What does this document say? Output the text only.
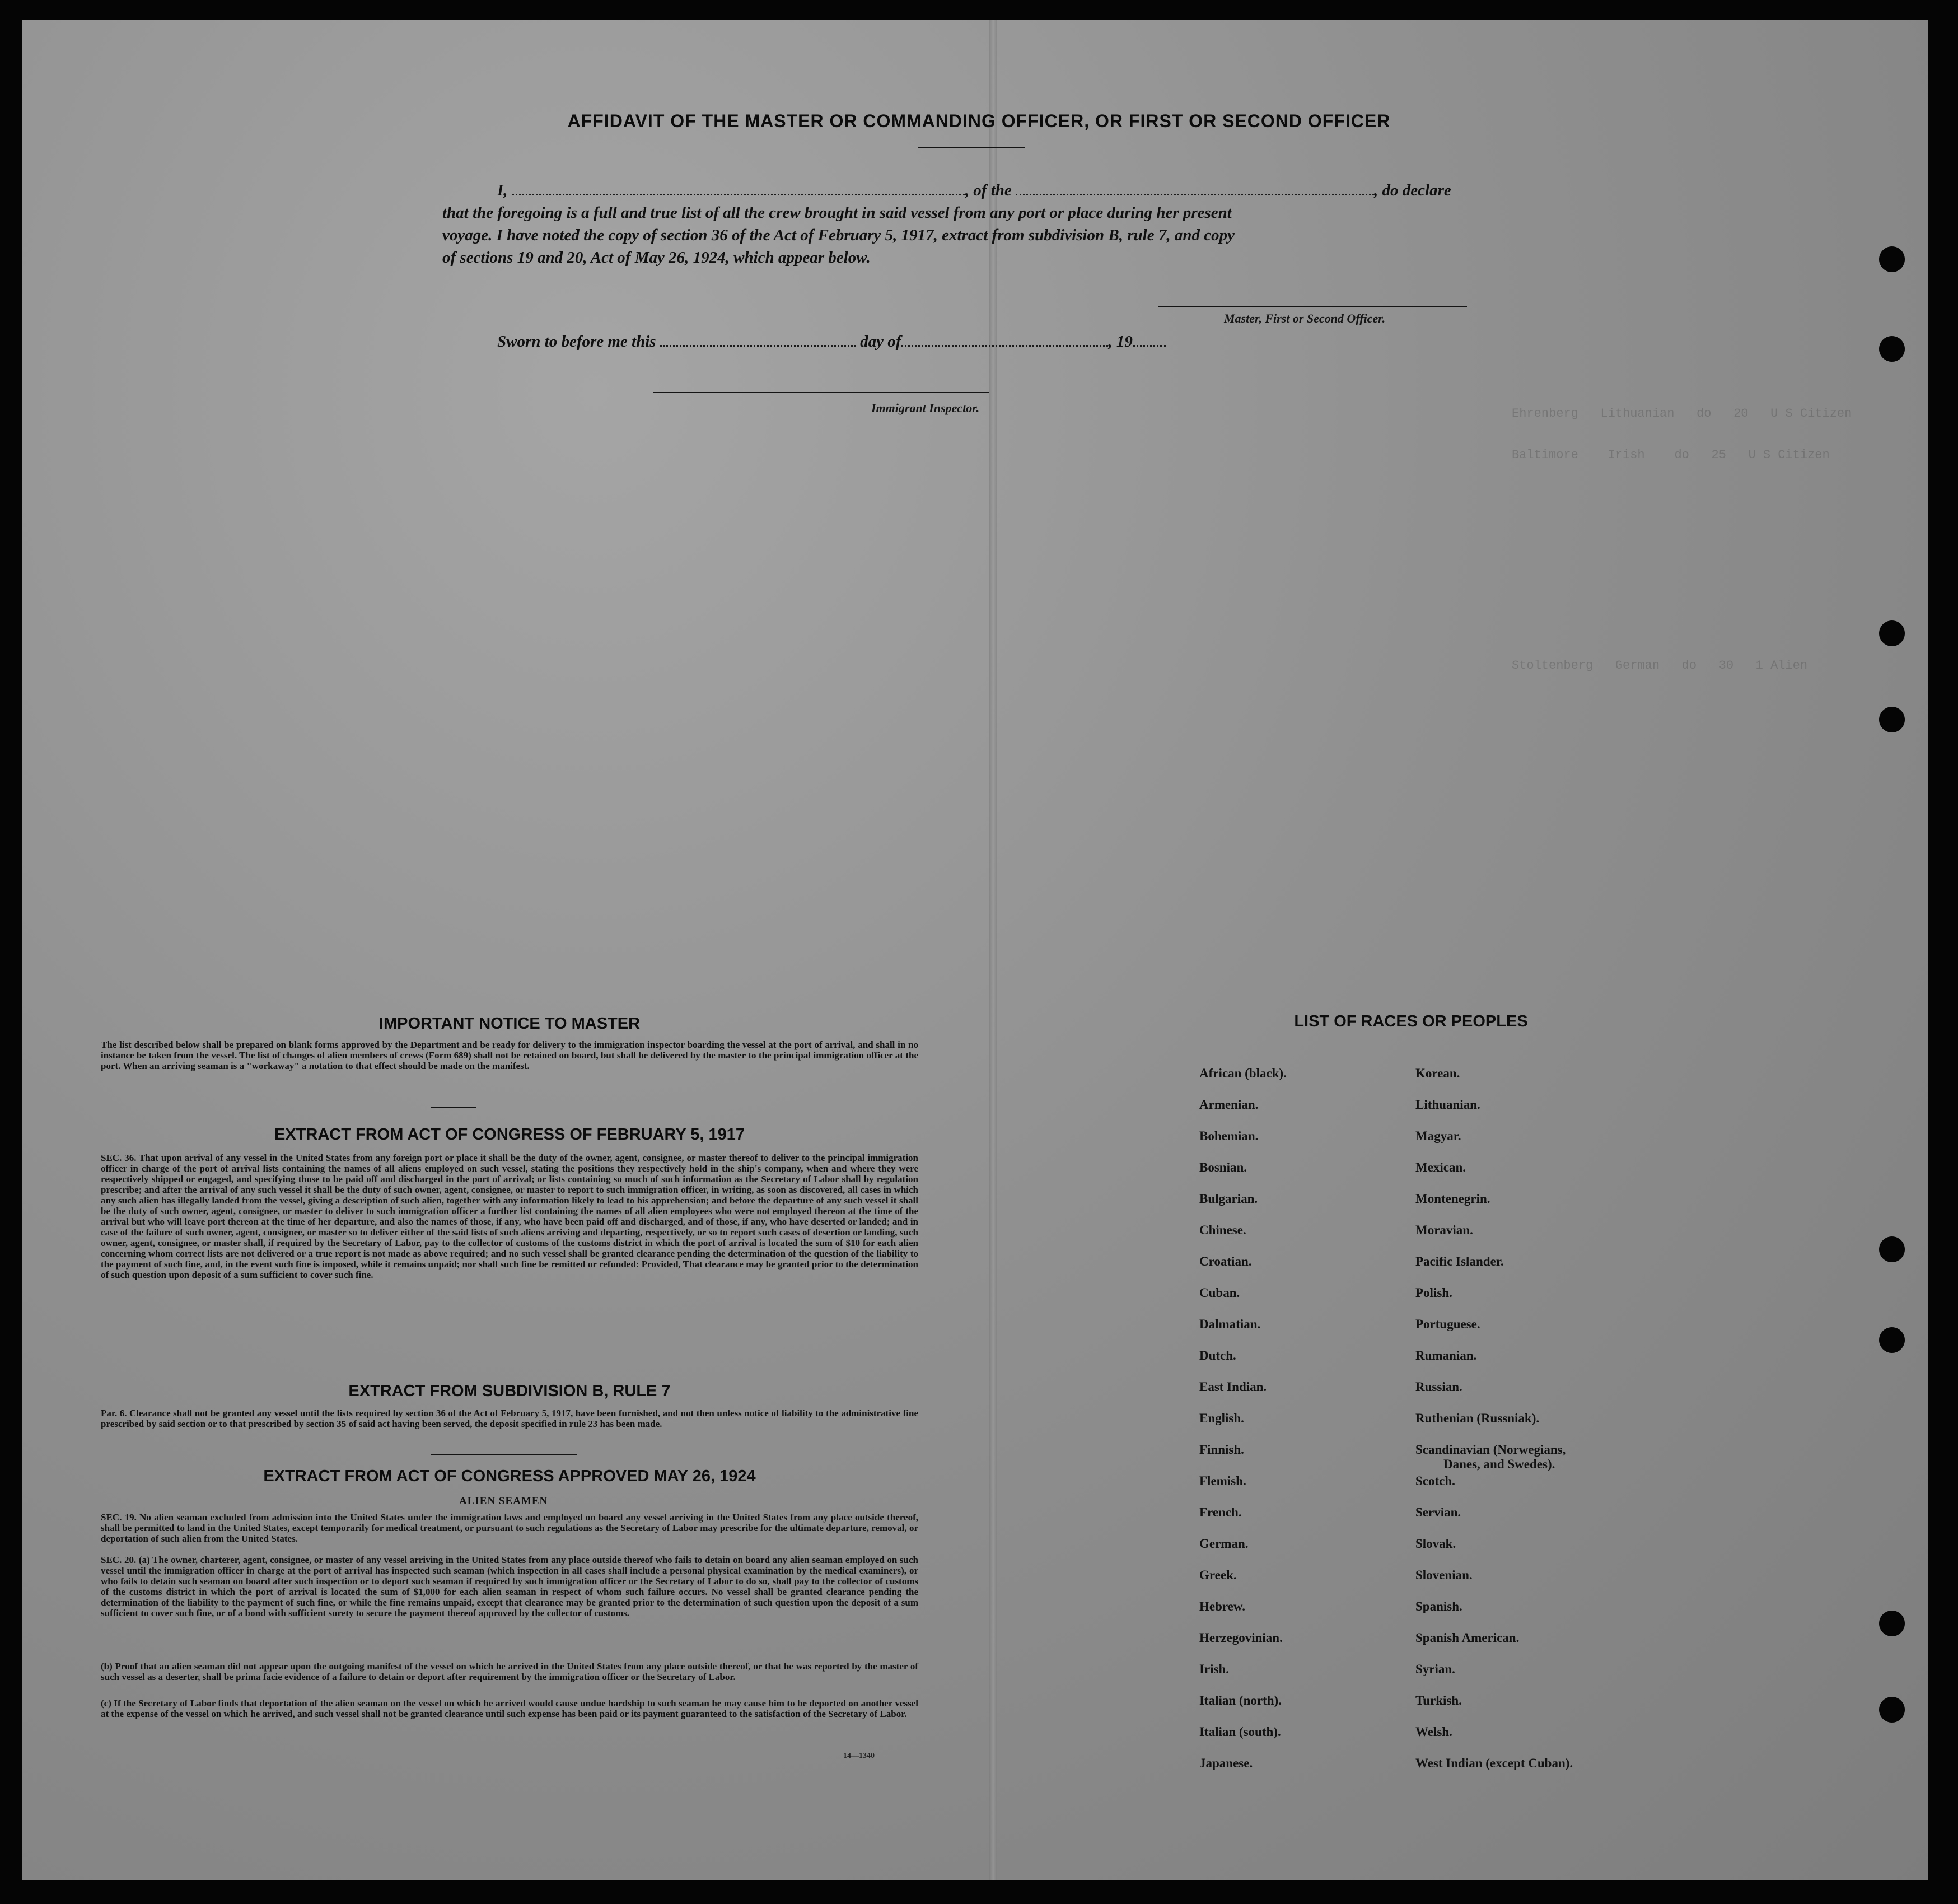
AFFIDAVIT OF THE MASTER OR COMMANDING OFFICER, OR FIRST OR SECOND OFFICER
I,	, of the	, do declare
that the foregoing is a full and true list of all the crew brought in said vessel from any port or place during her present
voyage. I have noted the copy of section 36 of the Act of February 5, 1917, extract from subdivision B, rule 7, and copy
of sections 19 and 20, Act of May 26, 1924, which appear below.
Master, First or Second Officer.
Sworn to before me this	day of	, 19
Immigrant Inspector.	Ehrenberg   Lithuanian   do   20   U S Citizen
Baltimore    Irish    do   25   U S Citizen
Stoltenberg   German   do   30   1 Alien
IMPORTANT NOTICE TO MASTER
The list described below shall be prepared on blank forms approved by the Department and be ready for delivery to the immigration inspector boarding the vessel at the port of arrival, and shall in no instance be taken from the vessel. The list of changes of alien members of crews (Form 689) shall not be retained on board, but shall be delivered by the master to the principal immigration officer at the port. When an arriving seaman is a "workaway" a notation to that effect should be made on the manifest.
EXTRACT FROM ACT OF CONGRESS OF FEBRUARY 5, 1917
SEC. 36. That upon arrival of any vessel in the United States from any foreign port or place it shall be the duty of the owner, agent, consignee, or master thereof to deliver to the principal immigration officer in charge of the port of arrival lists containing the names of all aliens employed on such vessel, stating the positions they respectively hold in the ship's company, when and where they were respectively shipped or engaged, and specifying those to be paid off and discharged in the port of arrival; or lists containing so much of such information as the Secretary of Labor shall by regulation prescribe; and after the arrival of any such vessel it shall be the duty of such owner, agent, consignee, or master to report to such immigration officer, in writing, as soon as discovered, all cases in which any such alien has illegally landed from the vessel, giving a description of such alien, together with any information likely to lead to his apprehension; and before the departure of any such vessel it shall be the duty of such owner, agent, consignee, or master to deliver to such immigration officer a further list containing the names of all alien employees who were not employed thereon at the time of the arrival but who will leave port thereon at the time of her departure, and also the names of those, if any, who have been paid off and discharged, and of those, if any, who have deserted or landed; and in case of the failure of such owner, agent, consignee, or master so to deliver either of the said lists of such aliens arriving and departing, respectively, or so to report such cases of desertion or landing, such owner, agent, consignee, or master shall, if required by the Secretary of Labor, pay to the collector of customs of the customs district in which the port of arrival is located the sum of $10 for each alien concerning whom correct lists are not delivered or a true report is not made as above required; and no such vessel shall be granted clearance pending the determination of the question of the liability to the payment of such fine, and, in the event such fine is imposed, while it remains unpaid; nor shall such fine be remitted or refunded: Provided, That clearance may be granted prior to the determination of such question upon deposit of a sum sufficient to cover such fine.
EXTRACT FROM SUBDIVISION B, RULE 7
Par. 6. Clearance shall not be granted any vessel until the lists required by section 36 of the Act of February 5, 1917, have been furnished, and not then unless notice of liability to the administrative fine prescribed by said section or to that prescribed by section 35 of said act having been served, the deposit specified in rule 23 has been made.
EXTRACT FROM ACT OF CONGRESS APPROVED MAY 26, 1924
ALIEN SEAMEN
SEC. 19. No alien seaman excluded from admission into the United States under the immigration laws and employed on board any vessel arriving in the United States from any place outside thereof, shall be permitted to land in the United States, except temporarily for medical treatment, or pursuant to such regulations as the Secretary of Labor may prescribe for the ultimate departure, removal, or deportation of such alien from the United States.
SEC. 20. (a) The owner, charterer, agent, consignee, or master of any vessel arriving in the United States from any place outside thereof who fails to detain on board any alien seaman employed on such vessel until the immigration officer in charge at the port of arrival has inspected such seaman (which inspection in all cases shall include a personal physical examination by the medical examiners), or who fails to detain such seaman on board after such inspection or to deport such seaman if required by such immigration officer or the Secretary of Labor to do so, shall pay to the collector of customs of the customs district in which the port of arrival is located the sum of $1,000 for each alien seaman in respect of whom such failure occurs. No vessel shall be granted clearance pending the determination of the liability to the payment of such fine, or while the fine remains unpaid, except that clearance may be granted prior to the determination of such question upon the deposit of a sum sufficient to cover such fine, or of a bond with sufficient surety to secure the payment thereof approved by the collector of customs.
(b) Proof that an alien seaman did not appear upon the outgoing manifest of the vessel on which he arrived in the United States from any place outside thereof, or that he was reported by the master of such vessel as a deserter, shall be prima facie evidence of a failure to detain or deport after requirement by the immigration officer or the Secretary of Labor.
(c) If the Secretary of Labor finds that deportation of the alien seaman on the vessel on which he arrived would cause undue hardship to such seaman he may cause him to be deported on another vessel at the expense of the vessel on which he arrived, and such vessel shall not be granted clearance until such expense has been paid or its payment guaranteed to the satisfaction of the Secretary of Labor.
14—1340
LIST OF RACES OR PEOPLES
African (black).
Armenian.
Bohemian.
Bosnian.
Bulgarian.
Chinese.
Croatian.
Cuban.
Dalmatian.
Dutch.
East Indian.
English.
Finnish.
Flemish.
French.
German.
Greek.
Hebrew.
Herzegovinian.
Irish.
Italian (north).
Italian (south).
Japanese.
Korean.
Lithuanian.
Magyar.
Mexican.
Montenegrin.
Moravian.
Pacific Islander.
Polish.
Portuguese.
Rumanian.
Russian.
Ruthenian (Russniak).
Scandinavian (Norwegians,
Danes, and Swedes).
Scotch.
Servian.
Slovak.
Slovenian.
Spanish.
Spanish American.
Syrian.
Turkish.
Welsh.
West Indian (except Cuban).
